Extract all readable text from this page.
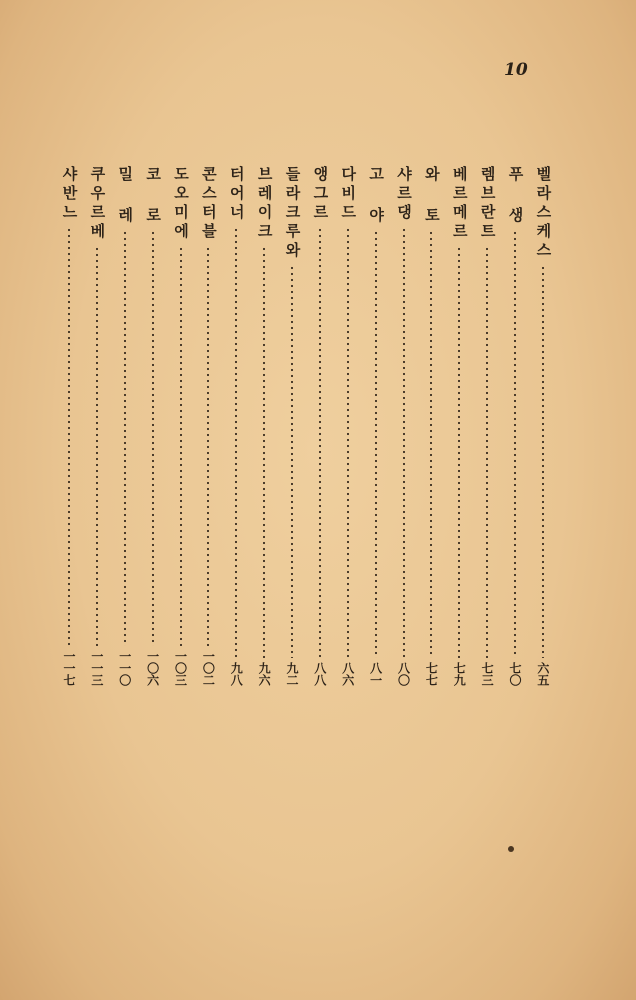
10
벨라스케스
六五
푸 생
七〇
렘브란트
七三
베르메르
七九
와 토
七七
샤르댕
八〇
고 야
八一
다비드
八六
앵그르
八八
들라크루와
九二
브레이크
九六
터어너
九八
콘스터블
一〇二
도오미에
一〇三
코 로
一〇六
밀 레
一一〇
쿠우르베
一一三
샤반느
一一七
